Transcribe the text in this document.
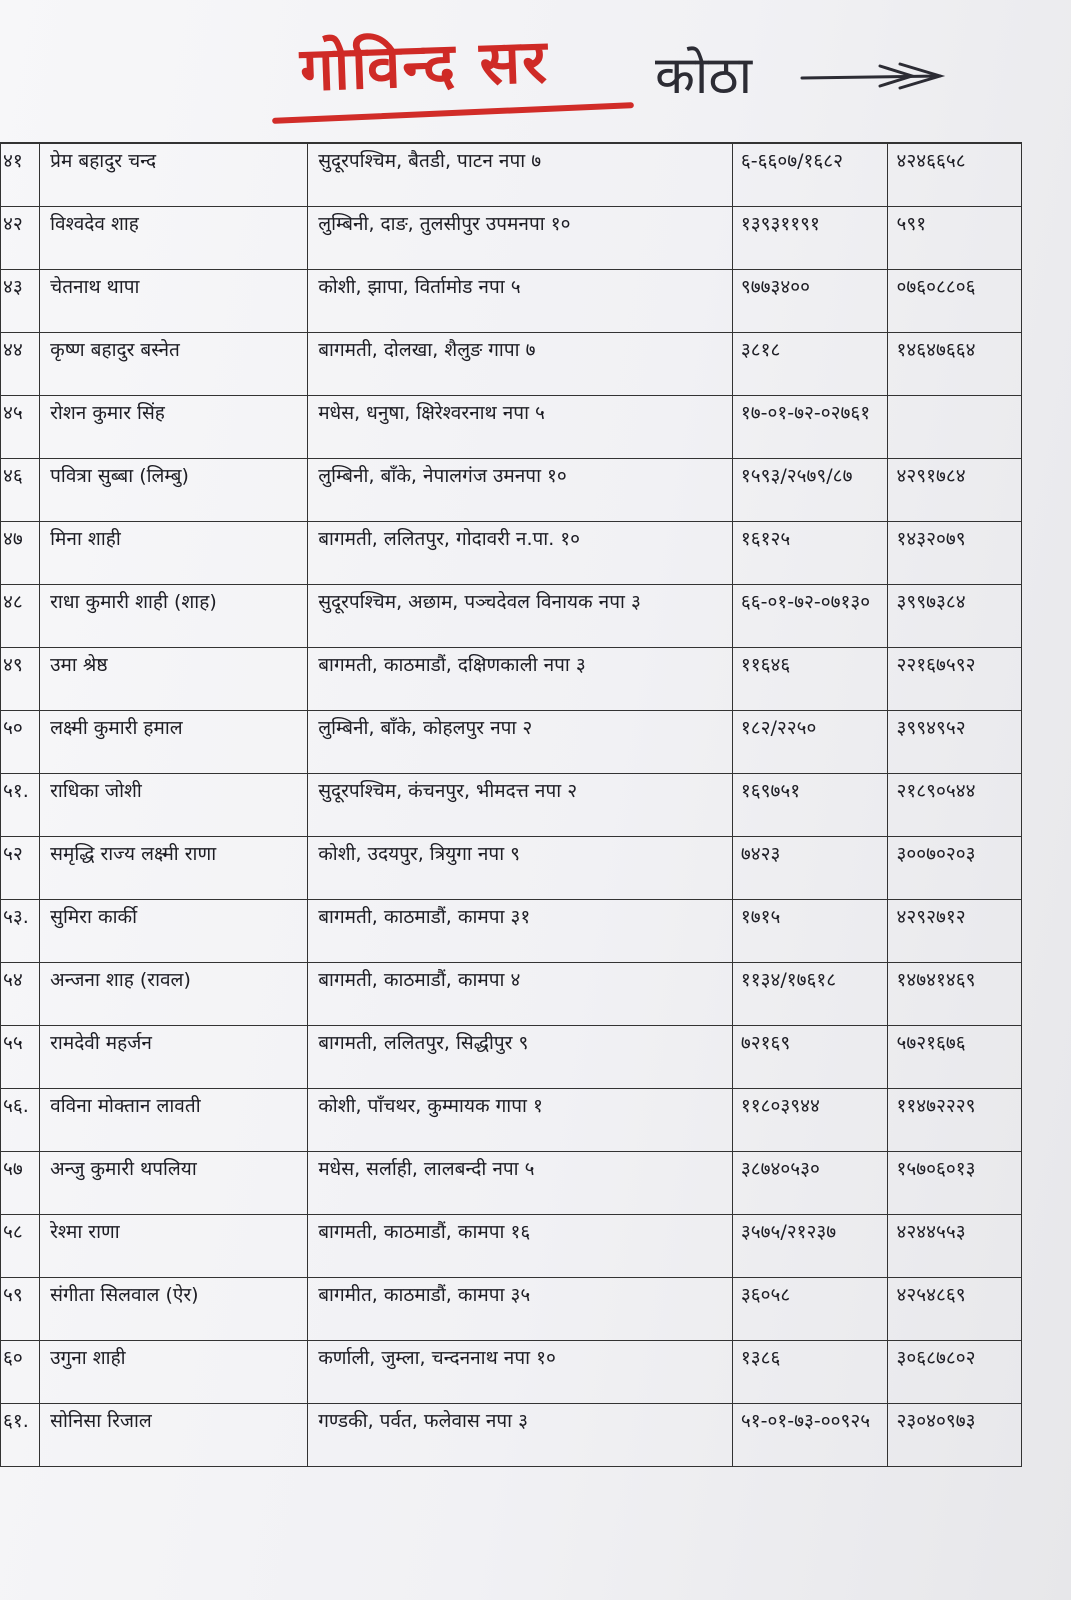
गोविन्द सर कोठा
४१	प्रेम बहादुर चन्द	सुदूरपश्चिम, बैतडी, पाटन नपा ७	६-६६०७/१६८२	४२४६६५८
४२	विश्वदेव शाह	लुम्बिनी, दाङ, तुलसीपुर उपमनपा १०	१३९३११९१	५९१
४३	चेतनाथ थापा	कोशी, झापा, विर्तामोड नपा ५	९७७३४००	०७६०८८०६
४४	कृष्ण बहादुर बस्नेत	बागमती, दोलखा, शैलुङ गापा ७	३८१८	१४६४७६६४
४५	रोशन कुमार सिंह	मधेस, धनुषा, क्षिरेश्वरनाथ नपा ५	१७-०१-७२-०२७६१	
४६	पवित्रा सुब्बा (लिम्बु)	लुम्बिनी, बाँके, नेपालगंज उमनपा १०	१५९३/२५७९/८७	४२९१७८४
४७	मिना शाही	बागमती, ललितपुर, गोदावरी न.पा. १०	१६१२५	१४३२०७९
४८	राधा कुमारी शाही (शाह)	सुदूरपश्चिम, अछाम, पञ्चदेवल विनायक नपा ३	६६-०१-७२-०७१३०	३९९७३८४
४९	उमा श्रेष्ठ	बागमती, काठमाडौं, दक्षिणकाली नपा ३	११६४६	२२१६७५९२
५०	लक्ष्मी कुमारी हमाल	लुम्बिनी, बाँके, कोहलपुर नपा २	१८२/२२५०	३९९४९५२
५१.	राधिका जोशी	सुदूरपश्चिम, कंचनपुर, भीमदत्त नपा २	१६९७५१	२१८९०५४४
५२	समृद्धि राज्य लक्ष्मी राणा	कोशी, उदयपुर, त्रियुगा नपा ९	७४२३	३००७०२०३
५३.	सुमिरा कार्की	बागमती, काठमाडौं, कामपा ३१	१७१५	४२९२७१२
५४	अन्जना शाह (रावल)	बागमती, काठमाडौं, कामपा ४	११३४/१७६१८	१४७४१४६९
५५	रामदेवी महर्जन	बागमती, ललितपुर, सिद्धीपुर ९	७२१६९	५७२१६७६
५६.	ववि‍ना मोक्तान लावती	कोशी, पाँचथर, कुम्मायक गापा १	११८०३९४४	११४७२२२९
५७	अन्जु कुमारी थपलिया	मधेस, सर्लाही, लालबन्दी नपा ५	३८७४०५३०	१५७०६०१३
५८	रेश्मा राणा	बागमती, काठमाडौं, कामपा १६	३५७५/२१२३७	४२४४५५३
५९	संगीता सिलवाल (ऐर)	बागमीत, काठमाडौं, कामपा ३५	३६०५८	४२५४८६९
६०	उगुना शाही	कर्णाली, जुम्ला, चन्दननाथ नपा १०	१३८६	३०६८७८०२
६१.	सोनिसा रिजाल	गण्डकी, पर्वत, फलेवास नपा ३	५१-०१-७३-००९२५	२३०४०९७३
